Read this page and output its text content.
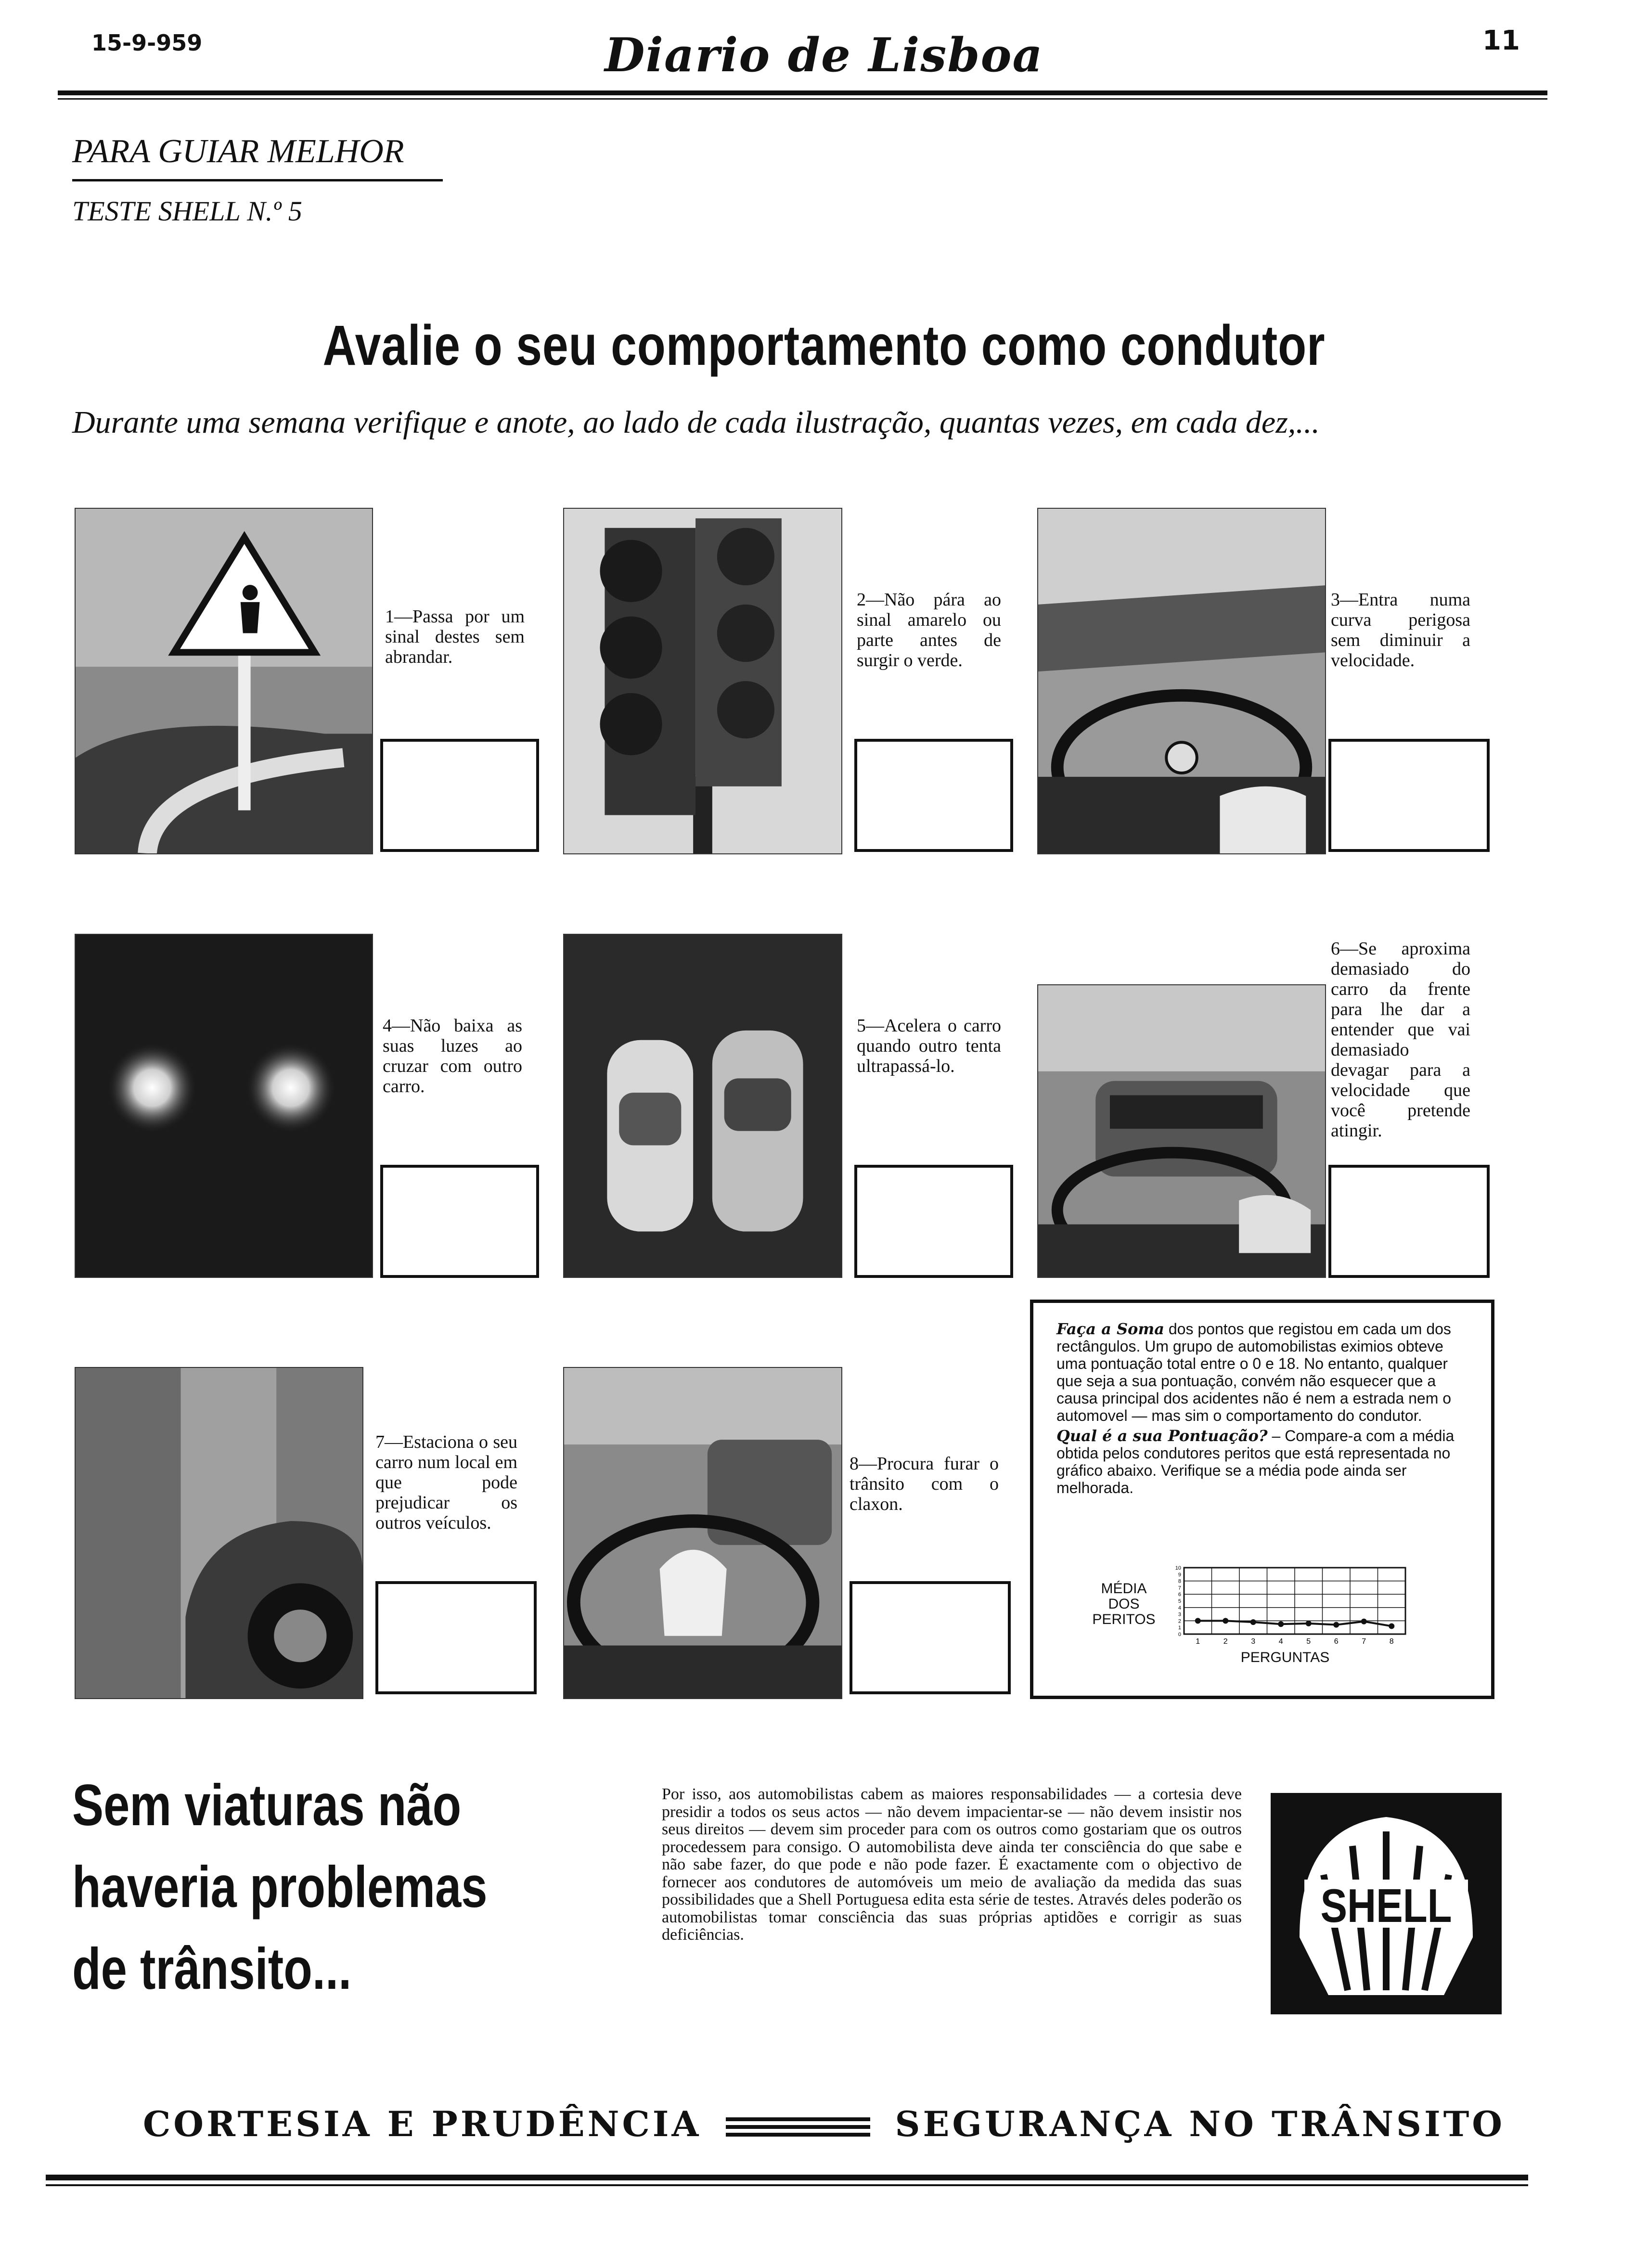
15-9-959	Diario de Lisboa	11
PARA GUIAR MELHOR
TESTE SHELL N.º 5
Avalie o seu comportamento como condutor
Durante uma semana verifique e anote, ao lado de cada ilustração, quantas vezes, em cada dez,...
1—Passa por um sinal destes sem abrandar.
2—Não pára ao sinal amarelo ou parte antes de surgir o verde.
3—Entra numa curva perigosa sem diminuir a velocidade.
4—Não baixa as suas luzes ao cruzar com outro carro.
5—Acelera o carro quando outro tenta ultrapassá-lo.
6—Se aproxima demasiado do carro da frente para lhe dar a entender que vai demasiado devagar para a velocidade que você pretende atingir.
7—Estaciona o seu carro num local em que pode prejudicar os outros veículos.
8—Procura furar o trânsito com o claxon.

Faça a Soma dos pontos que registou em cada um dos rectângulos. Um grupo de automobilistas eximios obteve uma pontuação total entre o 0 e 18. No entanto, qualquer que seja a sua pontuação, convém não esquecer que a causa principal dos acidentes não é nem a estrada nem o automovel — mas sim o comportamento do condutor.

Qual é a sua Pontuação? – Compare-a com a média obtida pelos condutores peritos que está representada no gráfico abaixo. Verifique se a média pode ainda ser melhorada.

MÉDIA DOS PERITOS
0
1
2
3
4
5
6
7
8
9
10
1	2	3	4	5	6	7	8
PERGUNTAS
Sem viaturas não haveria problemas de trânsito...
Por isso, aos automobilistas cabem as maiores responsabilidades — a cortesia deve presidir a todos os seus actos — não devem impacientar-se — não devem insistir nos seus direitos — devem sim proceder para com os outros como gostariam que os outros procedessem para consigo. O automobilista deve ainda ter consciência do que sabe e não sabe fazer, do que pode e não pode fazer. É exactamente com o objectivo de fornecer aos condutores de automóveis um meio de avaliação da medida das suas possibilidades que a Shell Portuguesa edita esta série de testes. Através deles poderão os automobilistas tomar consciência das suas próprias aptidões e corrigir as suas deficiências.
SHELL
CORTESIA E PRUDÊNCIA	SEGURANÇA NO TRÂNSITO
